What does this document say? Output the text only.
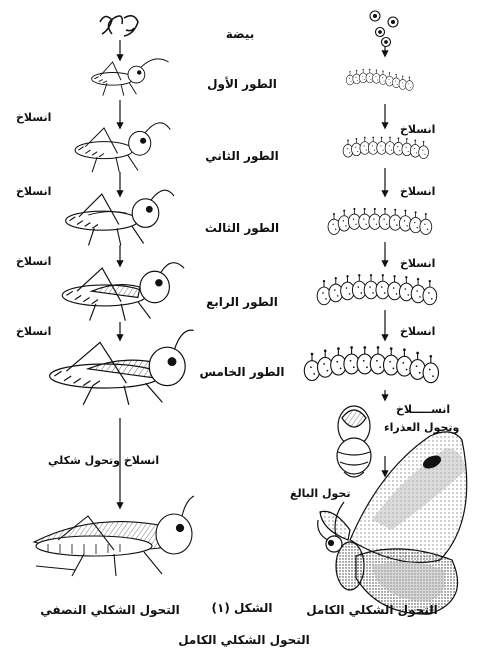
بيضة
الطور الأول
الطور الثاني
الطور الثالث
الطور الرابع
الطور الخامس
انسلاخ
انسلاخ
انسلاخ
انسلاخ
انسلاخ وتحول شكلي
انسلاخ
انسلاخ
انسلاخ
انسلاخ
انســـــلاخ
وتحول العذراء
تحول البالغ
التحول الشكلي النصفي	الشكل (١)	التحول الشكلي الكامل
التحول الشكلي الكامل
